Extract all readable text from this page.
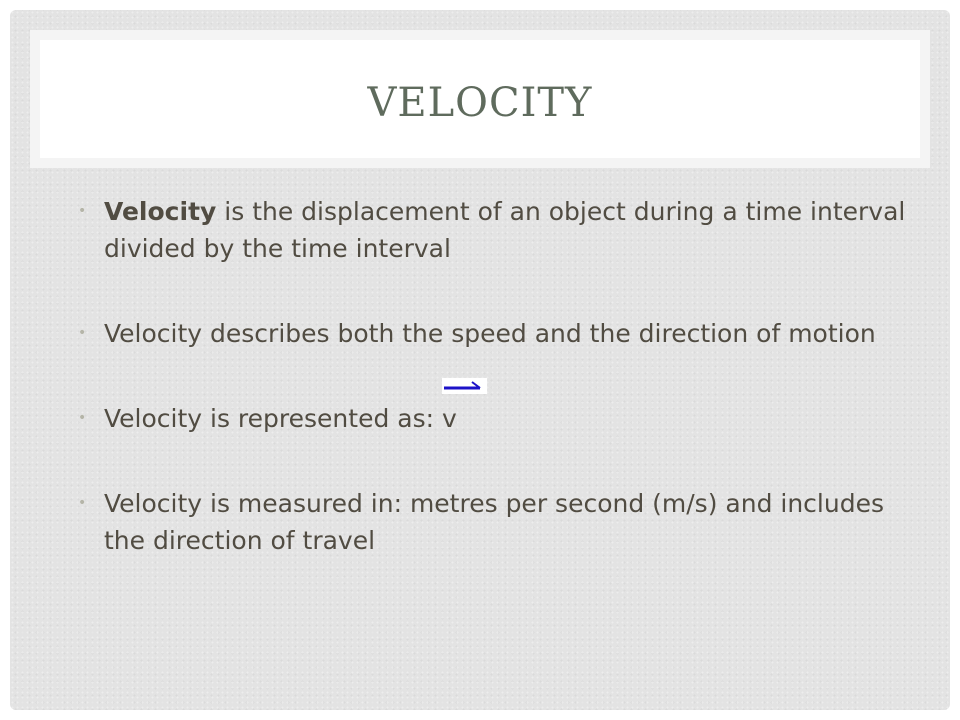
VELOCITY
• Velocity is the displacement of an object during a time interval divided by the time interval
• Velocity describes both the speed and the direction of motion
• Velocity is represented as:
v
• Velocity is measured in: metres per second (m/s) and includes the direction of travel
